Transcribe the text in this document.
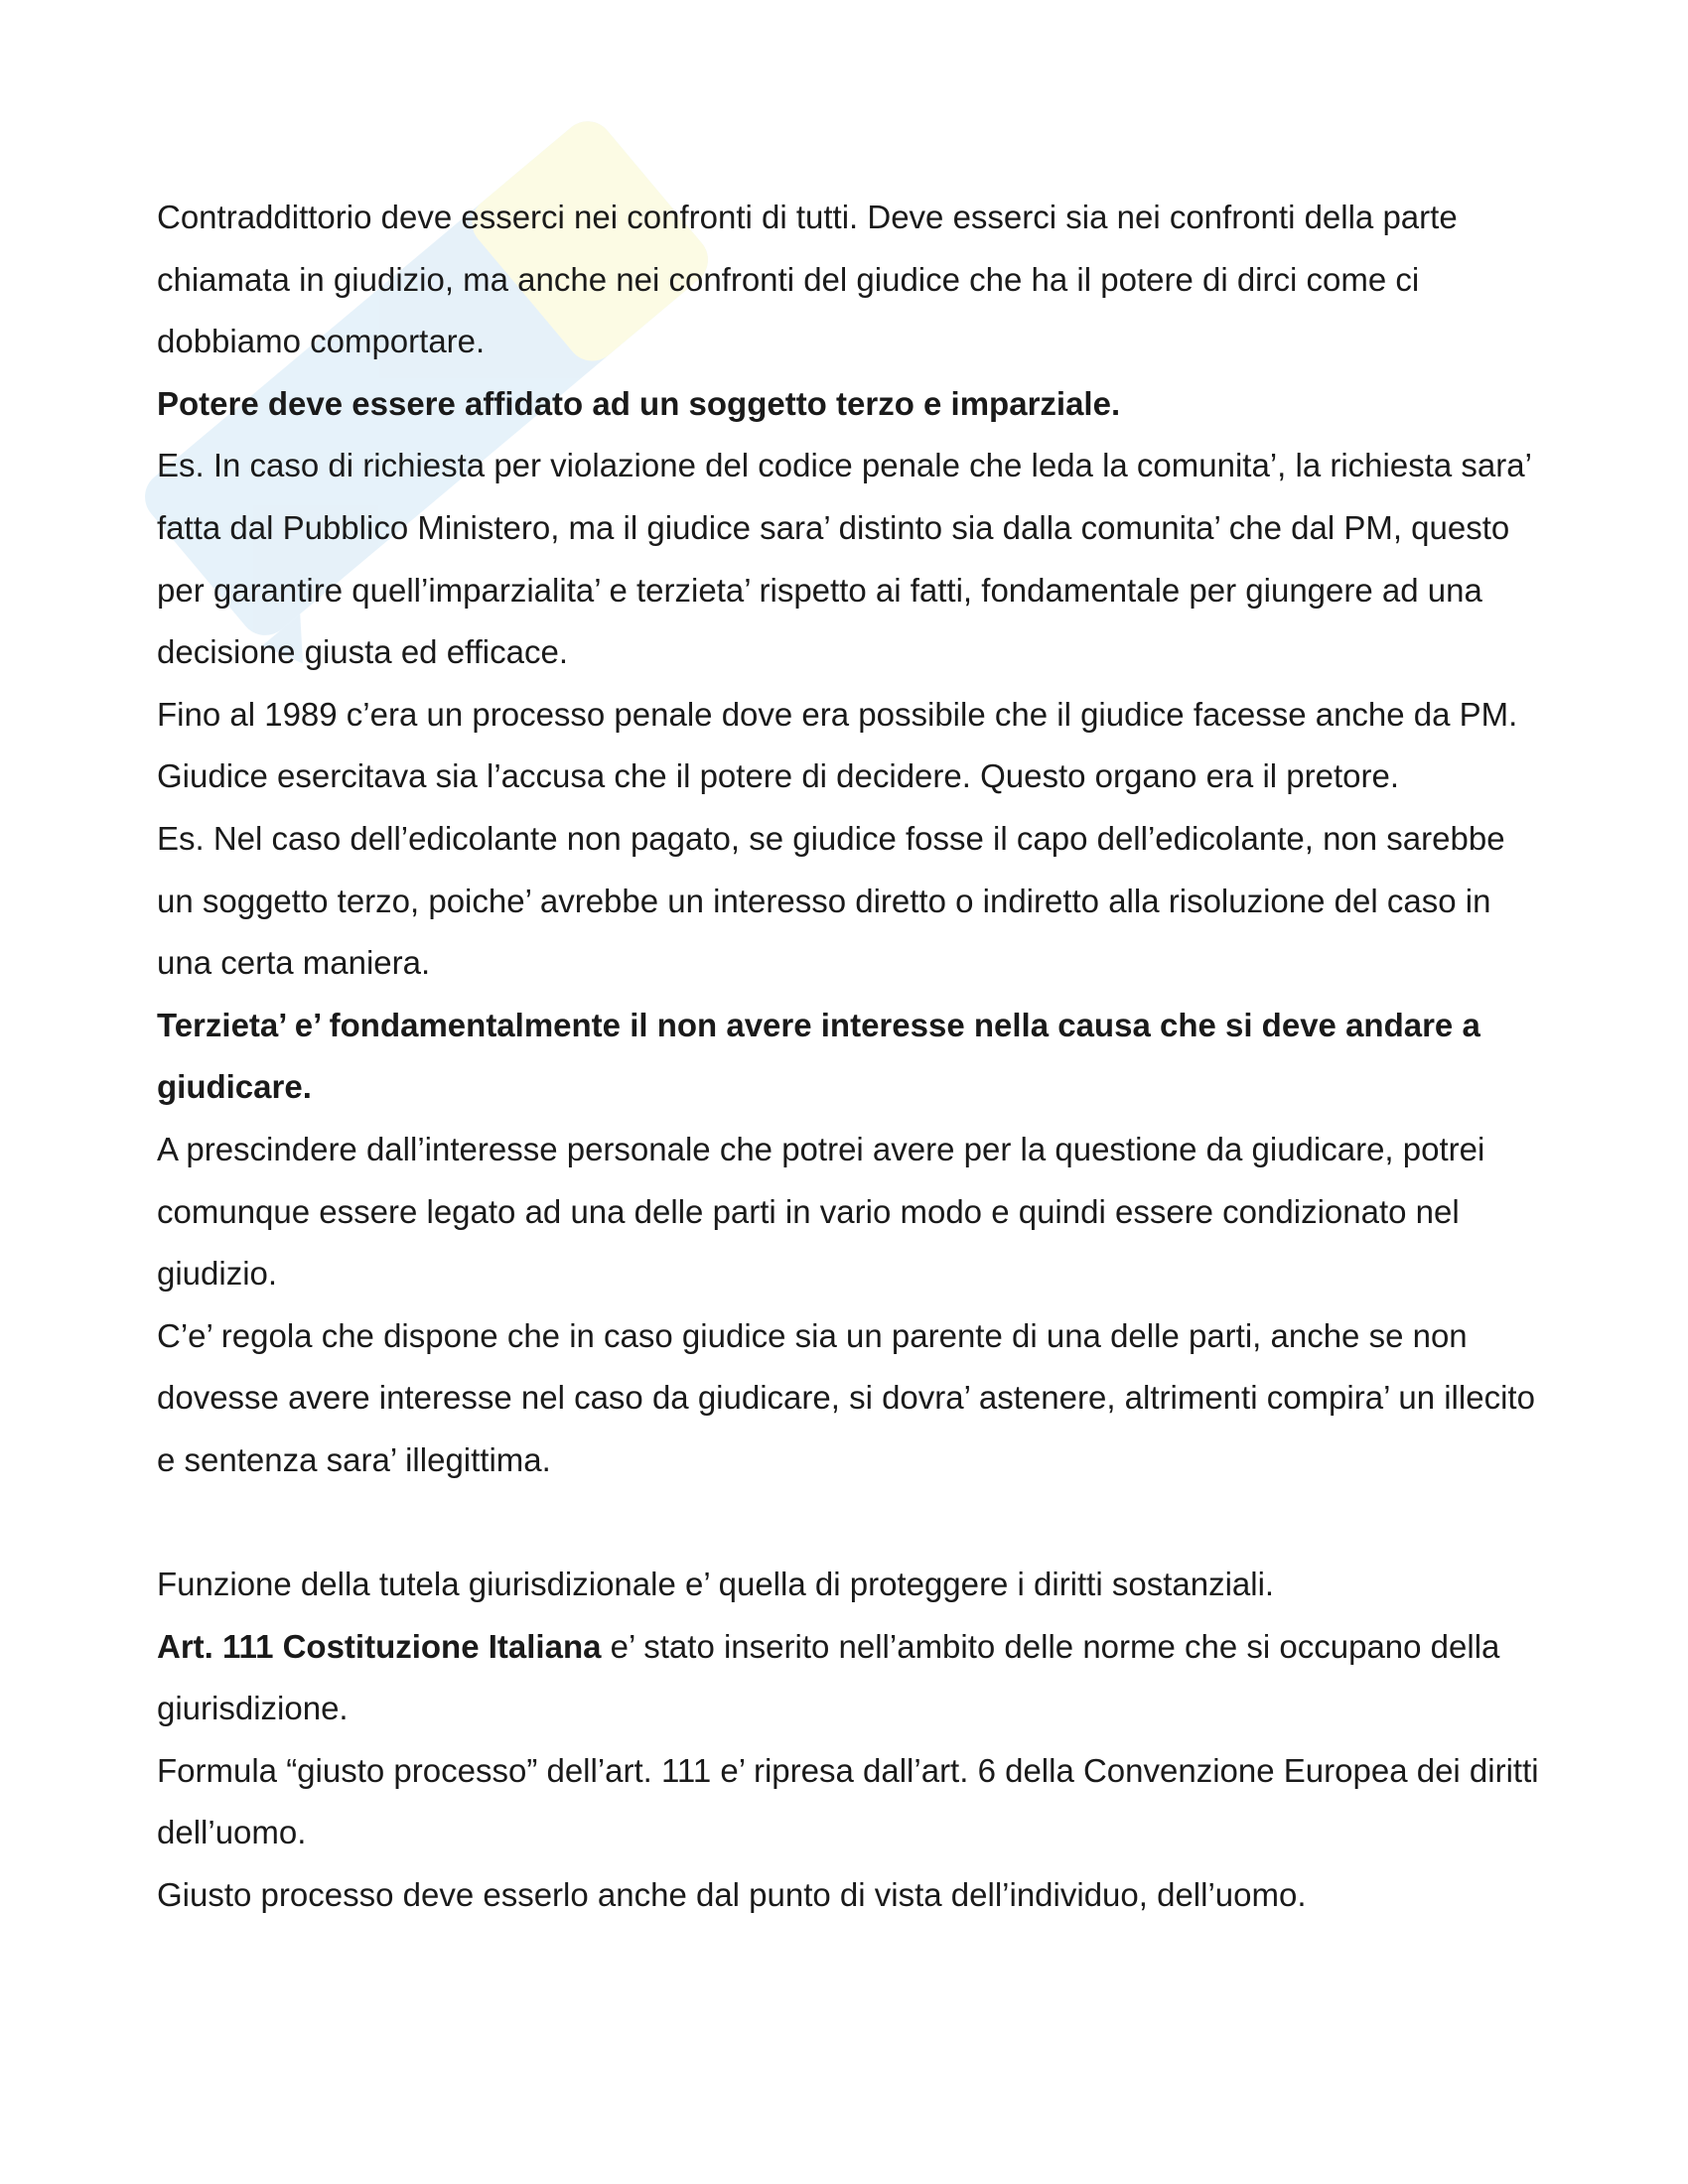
Contraddittorio deve esserci nei confronti di tutti. Deve esserci sia nei confronti della parte chiamata in giudizio, ma anche nei confronti del giudice che ha il potere di dirci come ci dobbiamo comportare.

Potere deve essere affidato ad un soggetto terzo e imparziale.

Es. In caso di richiesta per violazione del codice penale che leda la comunita’, la richiesta sara’ fatta dal Pubblico Ministero, ma il giudice sara’ distinto sia dalla comunita’ che dal PM, questo per garantire quell’imparzialita’ e terzieta’ rispetto ai fatti, fondamentale per giungere ad una decisione giusta ed efficace.

Fino al 1989 c’era un processo penale dove era possibile che il giudice facesse anche da PM. Giudice esercitava sia l’accusa che il potere di decidere. Questo organo era il pretore.

Es. Nel caso dell’edicolante non pagato, se giudice fosse il capo dell’edicolante, non sarebbe un soggetto terzo, poiche’ avrebbe un interesso diretto o indiretto alla risoluzione del caso in una certa maniera.

Terzieta’ e’ fondamentalmente il non avere interesse nella causa che si deve andare a giudicare.

A prescindere dall’interesse personale che potrei avere per la questione da giudicare, potrei comunque essere legato ad una delle parti in vario modo e quindi essere condizionato nel giudizio.

C’e’ regola che dispone che in caso giudice sia un parente di una delle parti, anche se non dovesse avere interesse nel caso da giudicare, si dovra’ astenere, altrimenti compira’ un illecito e sentenza sara’ illegittima.

Funzione della tutela giurisdizionale e’ quella di proteggere i diritti sostanziali.

Art. 111 Costituzione Italiana e’ stato inserito nell’ambito delle norme che si occupano della giurisdizione.

Formula “giusto processo” dell’art. 111 e’ ripresa dall’art. 6 della Convenzione Europea dei diritti dell’uomo.

Giusto processo deve esserlo anche dal punto di vista dell’individuo, dell’uomo.
